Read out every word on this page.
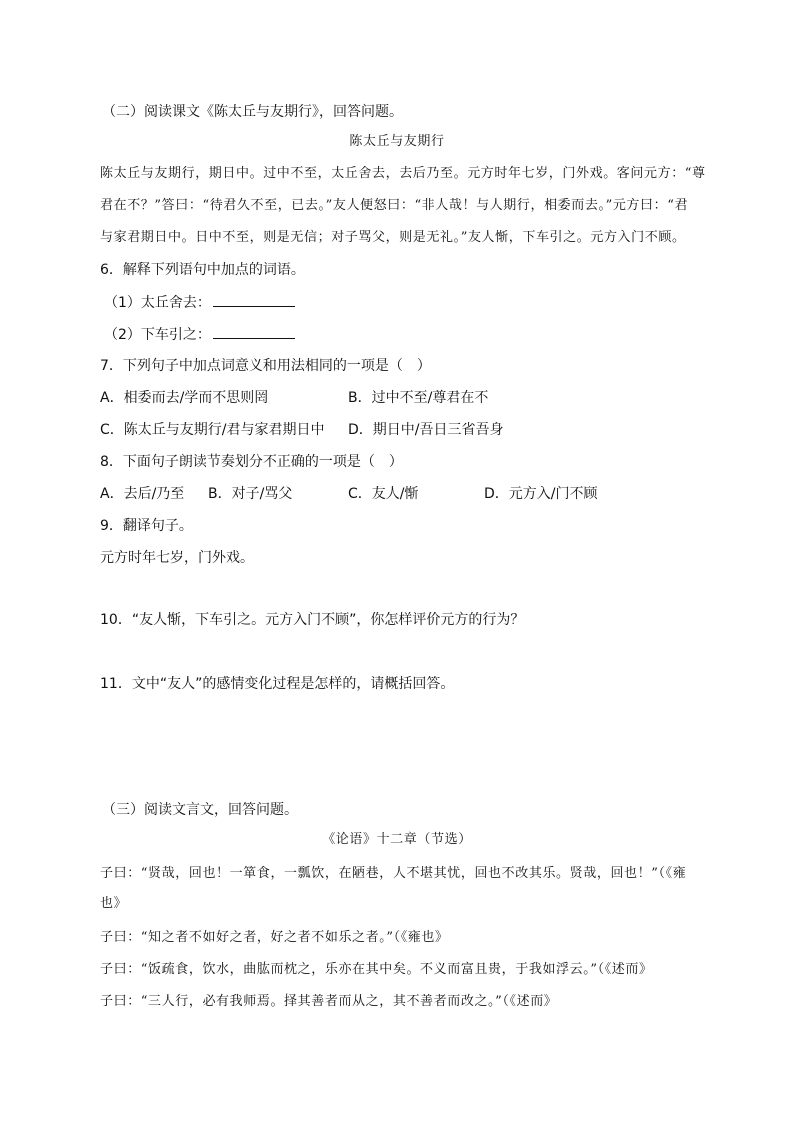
（二）阅读课文《陈太丘与友期行》，回答问题。
陈太丘与友期行
陈太丘与友期行，期日中。过中不至，太丘舍去，去后乃至。元方时年七岁，门外戏。客问元方：“尊
君在不？”答曰：“待君久不至，已去。”友人便怒曰：“非人哉！与人期行，相委而去。”元方曰：“君
与家君期日中。日中不至，则是无信；对子骂父，则是无礼。”友人惭，下车引之。元方入门不顾。
6．解释下列语句中加点的词语。
（1）太丘舍去：
（2）下车引之：
7．下列句子中加点词意义和用法相同的一项是（　）
A．相委而去/学而不思则罔	B．过中不至/尊君在不
C．陈太丘与友期行/君与家君期日中 D．期日中/吾日三省吾身
8．下面句子朗读节奏划分不正确的一项是（　）
A．去后/乃至 B．对子/骂父	C．友人/惭	D．元方入/门不顾
9．翻译句子。
元方时年七岁，门外戏。
10．“友人惭，下车引之。元方入门不顾”，你怎样评价元方的行为？
11．文中“友人”的感情变化过程是怎样的，请概括回答。
（三）阅读文言文，回答问题。
《论语》十二章（节选）
子曰：“贤哉，回也！一箪食，一瓢饮，在陋巷，人不堪其忧，回也不改其乐。贤哉，回也！”（《雍
也》
子曰：“知之者不如好之者，好之者不如乐之者。”（《雍也》
子曰：“饭疏食，饮水，曲肱而枕之，乐亦在其中矣。不义而富且贵，于我如浮云。”（《述而》
子曰：“三人行，必有我师焉。择其善者而从之，其不善者而改之。”（《述而》
